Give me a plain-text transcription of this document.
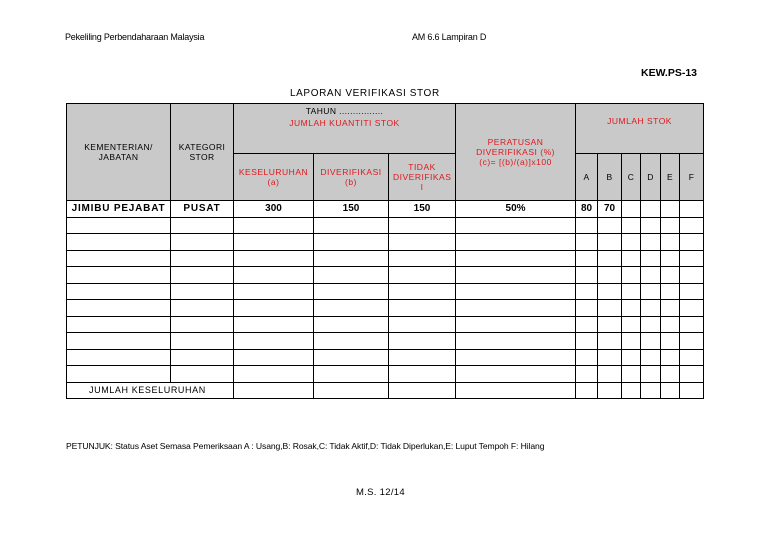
Pekeliling Perbendaharaan Malaysia	AM 6.6 Lampiran D
KEW.PS-13
LAPORAN VERIFIKASI STOR
KEMENTERIAN/ JABATAN	KATEGORI STOR	TAHUN ................
JUMLAH KUANTITI STOK			PERATUSAN DIVERIFIKASI (%) (c)= [(b)/(a)]x100	JUMLAH STOK					
		KESELURUHAN (a)	DIVERIFIKASI (b)	TIDAK DIVERIFIKAS I		A	B	C	D	E	F
JIMIBU PEJABAT	PUSAT	300	150	150	50%	80	70				

JUMLAH KESELURUHAN											
PETUNJUK: Status Aset Semasa Pemeriksaan A : Usang,B: Rosak,C: Tidak Aktif,D: Tidak Diperlukan,E: Luput Tempoh F: Hilang
M.S. 12/14
